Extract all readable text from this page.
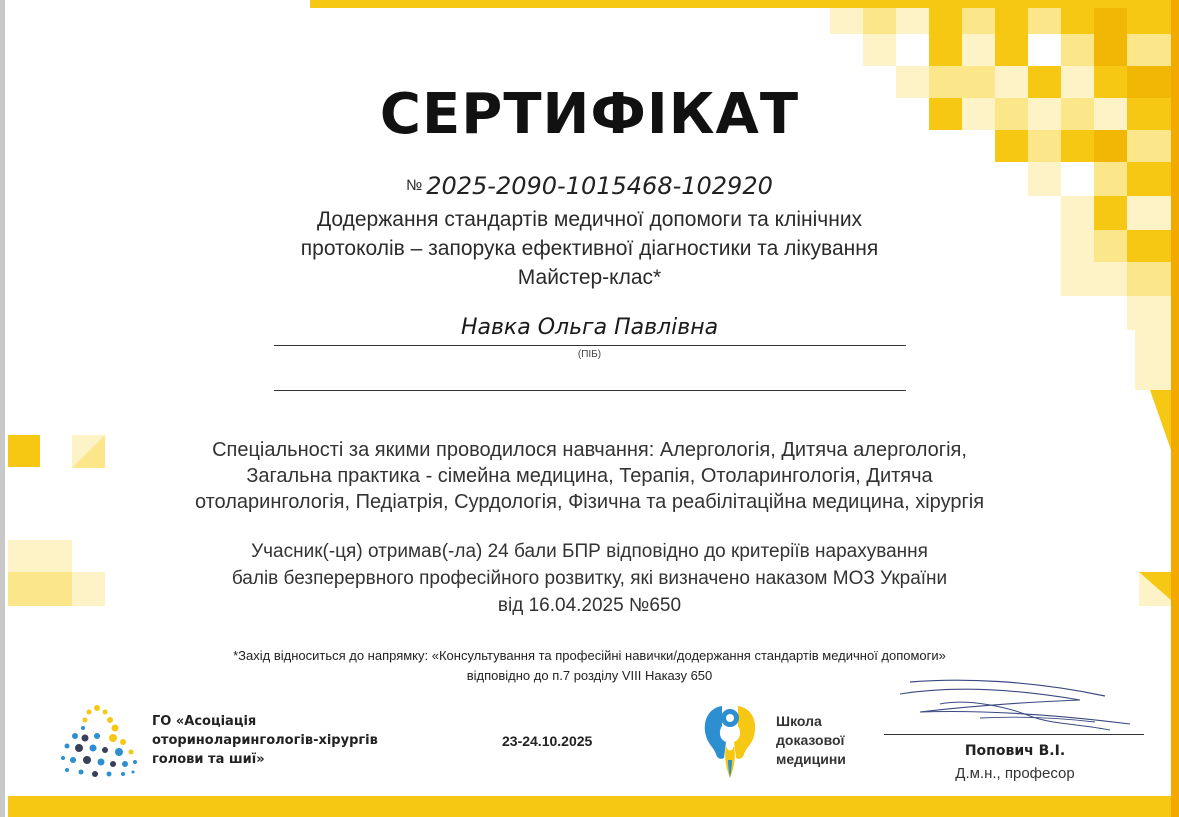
СЕРТИФІКАТ
№ 2025-2090-1015468-102920
Додержання стандартів медичної допомоги та клінічних
протоколів – запорука ефективної діагностики та лікування
Майстер-клас*
Навка Ольга Павлівна
(ПІБ)
Спеціальності за якими проводилося навчання: Алергологія, Дитяча алергологія,
Загальна практика - сімейна медицина, Терапія, Отоларингологія, Дитяча
отоларингологія, Педіатрія, Сурдологія, Фізична та реабілітаційна медицина, хірургія
Учасник(-ця) отримав(-ла) 24 бали БПР відповідно до критеріїв нарахування
балів безперервного професійного розвитку, які визначено наказом МОЗ України
від 16.04.2025 №650
*Захід відноситься до напрямку: «Консультування та професійні навички/додержання стандартів медичної допомоги»
відповідно до п.7 розділу VIII Наказу 650
ГО «Асоціація
оториноларингологів-хірургів
голови та шиї»
23-24.10.2025
Школа
доказової
медицини	Попович В.І.
Д.м.н., професор
